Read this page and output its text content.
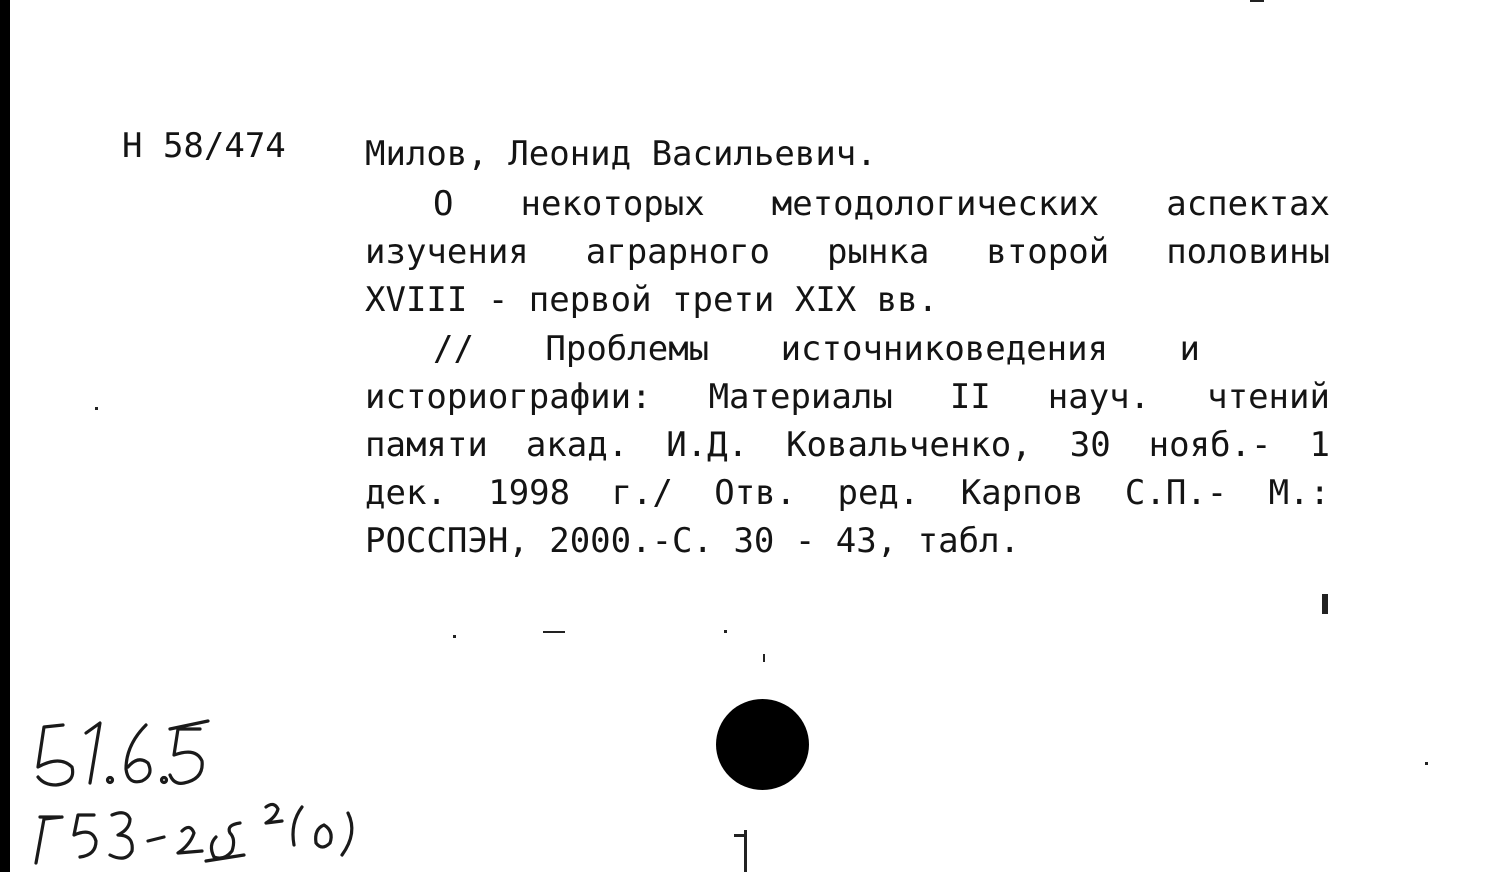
Н 58/474 Милов, Леонид Васильевич.
О некоторых методологических аспектах
изучения аграрного рынка второй половины
XVIII - первой трети XIX вв.
// Проблемы источниковедения и
историографии: Материалы II науч. чтений
памяти акад. И.Д. Ковальченко, 30 нояб.- 1
дек. 1998 г./ Отв. ред. Карпов С.П.- М.:
РОССПЭН, 2000.-С. 30 - 43, табл.
